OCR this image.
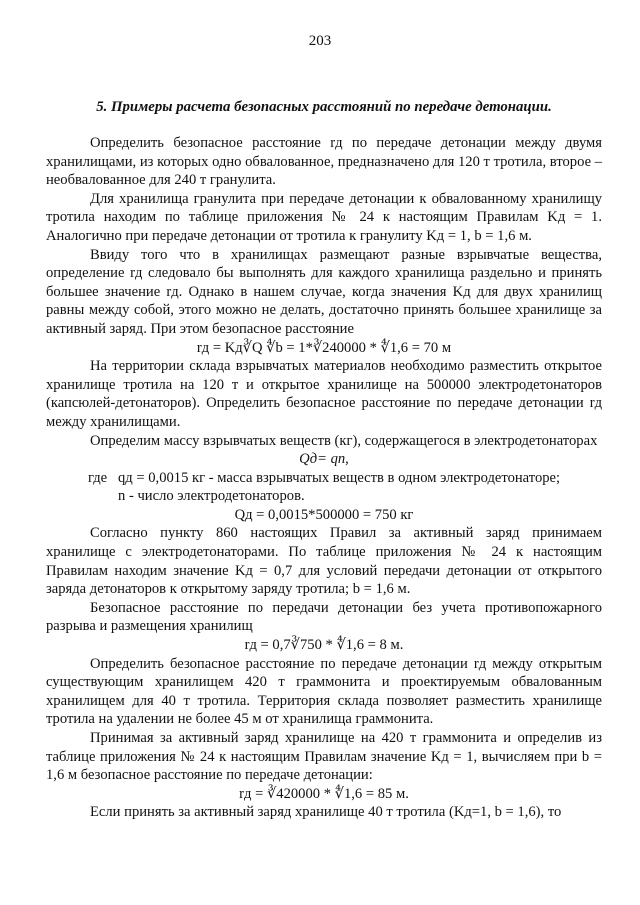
203
5. Примеры расчета безопасных расстояний по передаче детонации.

Определить безопасное расстояние rд по передаче детонации между двумя хранилищами, из которых одно обвалованное, предназначено для 120 т тротила, второе – необвалованное для 240 т гранулита.

Для хранилища гранулита при передаче детонации к обвалованному хранилищу тротила находим по таблице приложения № 24 к настоящим Правилам Kд = 1. Аналогично при передаче детонации от тротила к гранулиту Kд = 1, b = 1,6 м.

Ввиду того что в хранилищах размещают разные взрывчатые вещества, определение rд следовало бы выполнять для каждого хранилища раздельно и принять большее значение rд. Однако в нашем случае, когда значения Kд для двух хранилищ равны между собой, этого можно не делать, достаточно принять большее хранилище за активный заряд. При этом безопасное расстояние

rд = Kд∛Q ∜b = 1*∛240000 * ∜1,6 = 70 м

На территории склада взрывчатых материалов необходимо разместить открытое хранилище тротила на 120 т и открытое хранилище на 500000 электродетонаторов (капсюлей-детонаторов). Определить безопасное расстояние по передаче детонации rд между хранилищами.

Определим массу взрывчатых веществ (кг), содержащегося в электродетонаторах

Qд= qn,

где qд = 0,0015 кг - масса взрывчатых веществ в одном электродетонаторе;
n - число электродетонаторов.

Qд = 0,0015*500000 = 750 кг

Согласно пункту 860 настоящих Правил за активный заряд принимаем хранилище с электродетонаторами. По таблице приложения № 24 к настоящим Правилам находим значение Kд = 0,7 для условий передачи детонации от открытого заряда детонаторов к открытому заряду тротила; b = 1,6 м.

Безопасное расстояние по передачи детонации без учета противопожарного разрыва и размещения хранилищ

rд = 0,7∛750 * ∜1,6 = 8 м.

Определить безопасное расстояние по передаче детонации rд между открытым существующим хранилищем 420 т граммонита и проектируемым обвалованным хранилищем для 40 т тротила. Территория склада позволяет разместить хранилище тротила на удалении не более 45 м от хранилища граммонита.

Принимая за активный заряд хранилище на 420 т граммонита и определив из таблице приложения № 24 к настоящим Правилам значение Kд = 1, вычисляем при b = 1,6 м безопасное расстояние по передаче детонации:

rд = ∛420000 * ∜1,6 = 85 м.

Если принять за активный заряд хранилище 40 т тротила (Kд=1, b = 1,6), то
